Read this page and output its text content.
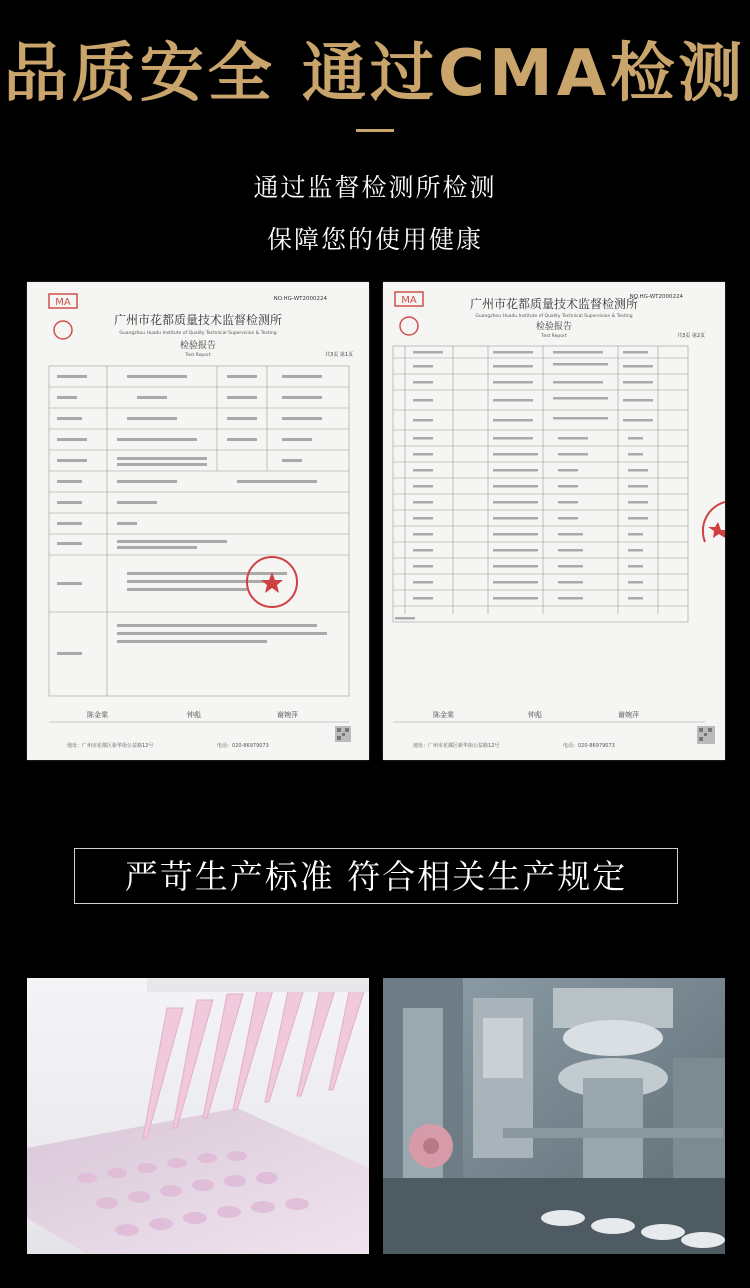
品质安全 通过CMA检测
通过监督检测所检测
保障您的使用健康
MA	NO.HG-WT2000224
广州市花都质量技术监督检测所
Guangzhou Huadu Institute of Quality Technical Supervision & Testing
检验报告
Test Report	共3页 第1页
陈金棠	钟彪	谢婉萍
地址：广州市花都区新华街公益路12号	电话：020-86979073
MA	NO.HG-WT2000224
广州市花都质量技术监督检测所
Guangzhou Huadu Institute of Quality Technical Supervision & Testing
检验报告
Test Report	共3页 第2页
陈金棠	钟彪	谢婉萍
地址：广州市花都区新华街公益路12号	电话：020-86979073
严苛生产标准 符合相关生产规定
